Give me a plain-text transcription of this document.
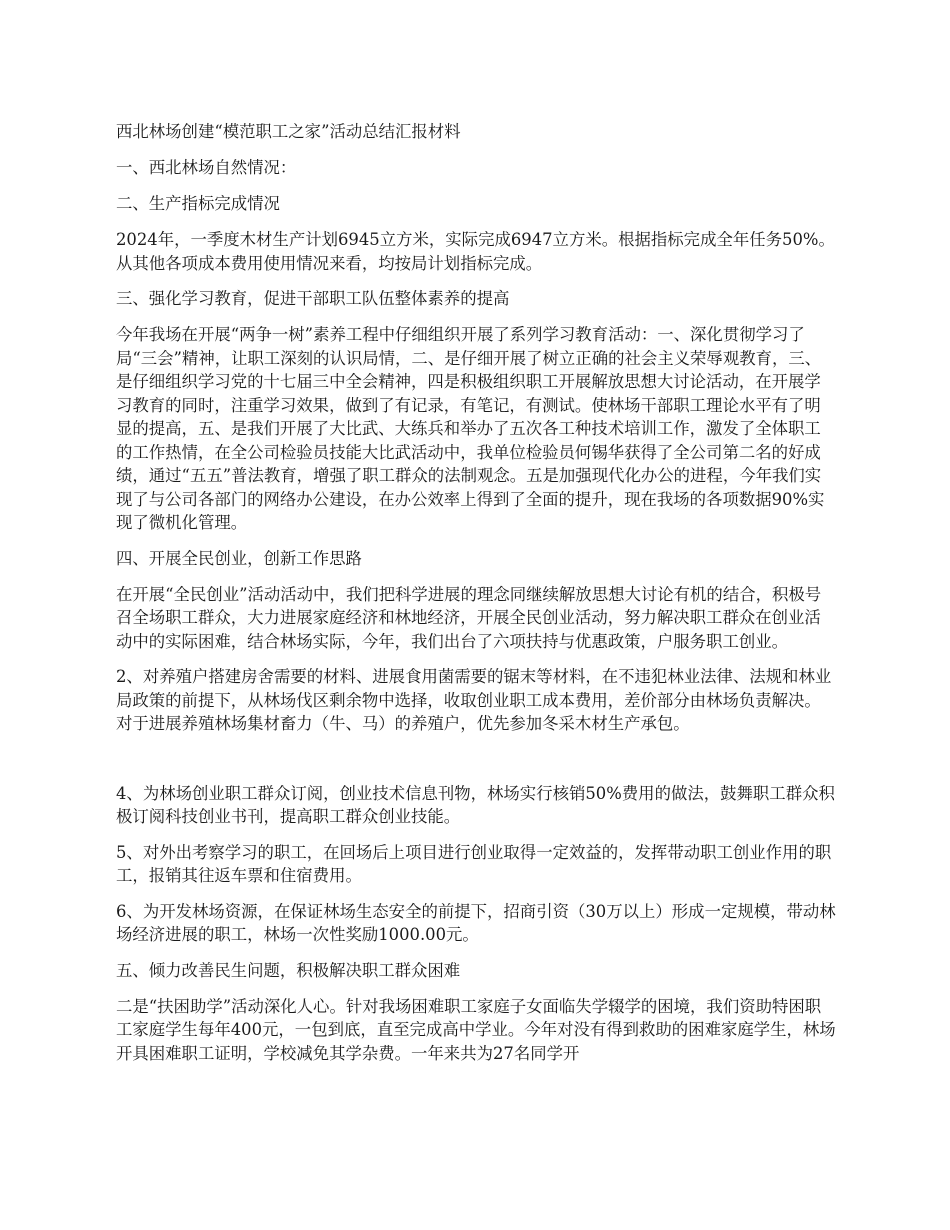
西北林场创建“模范职工之家”活动总结汇报材料

一、西北林场自然情况：

二、生产指标完成情况

2024年，一季度木材生产计划6945立方米，实际完成6947立方米。根据指标完成全年任务50%。从其他各项成本费用使用情况来看，均按局计划指标完成。

三、强化学习教育，促进干部职工队伍整体素养的提高

今年我场在开展“两争一树”素养工程中仔细组织开展了系列学习教育活动：一、深化贯彻学习了局“三会”精神，让职工深刻的认识局情，二、是仔细开展了树立正确的社会主义荣辱观教育，三、是仔细组织学习党的十七届三中全会精神，四是积极组织职工开展解放思想大讨论活动，在开展学习教育的同时，注重学习效果，做到了有记录，有笔记，有测试。使林场干部职工理论水平有了明显的提高，五、是我们开展了大比武、大练兵和举办了五次各工种技术培训工作，激发了全体职工的工作热情，在全公司检验员技能大比武活动中，我单位检验员何锡华获得了全公司第二名的好成绩，通过“五五”普法教育，增强了职工群众的法制观念。五是加强现代化办公的进程，今年我们实现了与公司各部门的网络办公建设，在办公效率上得到了全面的提升，现在我场的各项数据90%实现了微机化管理。

四、开展全民创业，创新工作思路

在开展“全民创业”活动活动中，我们把科学进展的理念同继续解放思想大讨论有机的结合，积极号召全场职工群众，大力进展家庭经济和林地经济，开展全民创业活动，努力解决职工群众在创业活动中的实际困难，结合林场实际，今年，我们出台了六项扶持与优惠政策，户服务职工创业。

2、对养殖户搭建房舍需要的材料、进展食用菌需要的锯末等材料，在不违犯林业法律、法规和林业局政策的前提下，从林场伐区剩余物中选择，收取创业职工成本费用，差价部分由林场负责解决。对于进展养殖林场集材畜力（牛、马）的养殖户，优先参加冬采木材生产承包。

4、为林场创业职工群众订阅，创业技术信息刊物，林场实行核销50%费用的做法，鼓舞职工群众积极订阅科技创业书刊，提高职工群众创业技能。

5、对外出考察学习的职工，在回场后上项目进行创业取得一定效益的，发挥带动职工创业作用的职工，报销其往返车票和住宿费用。

6、为开发林场资源，在保证林场生态安全的前提下，招商引资（30万以上）形成一定规模，带动林场经济进展的职工，林场一次性奖励1000.00元。

五、倾力改善民生问题，积极解决职工群众困难

二是“扶困助学”活动深化人心。针对我场困难职工家庭子女面临失学辍学的困境，我们资助特困职工家庭学生每年400元，一包到底，直至完成高中学业。今年对没有得到救助的困难家庭学生，林场开具困难职工证明，学校减免其学杂费。一年来共为27名同学开
